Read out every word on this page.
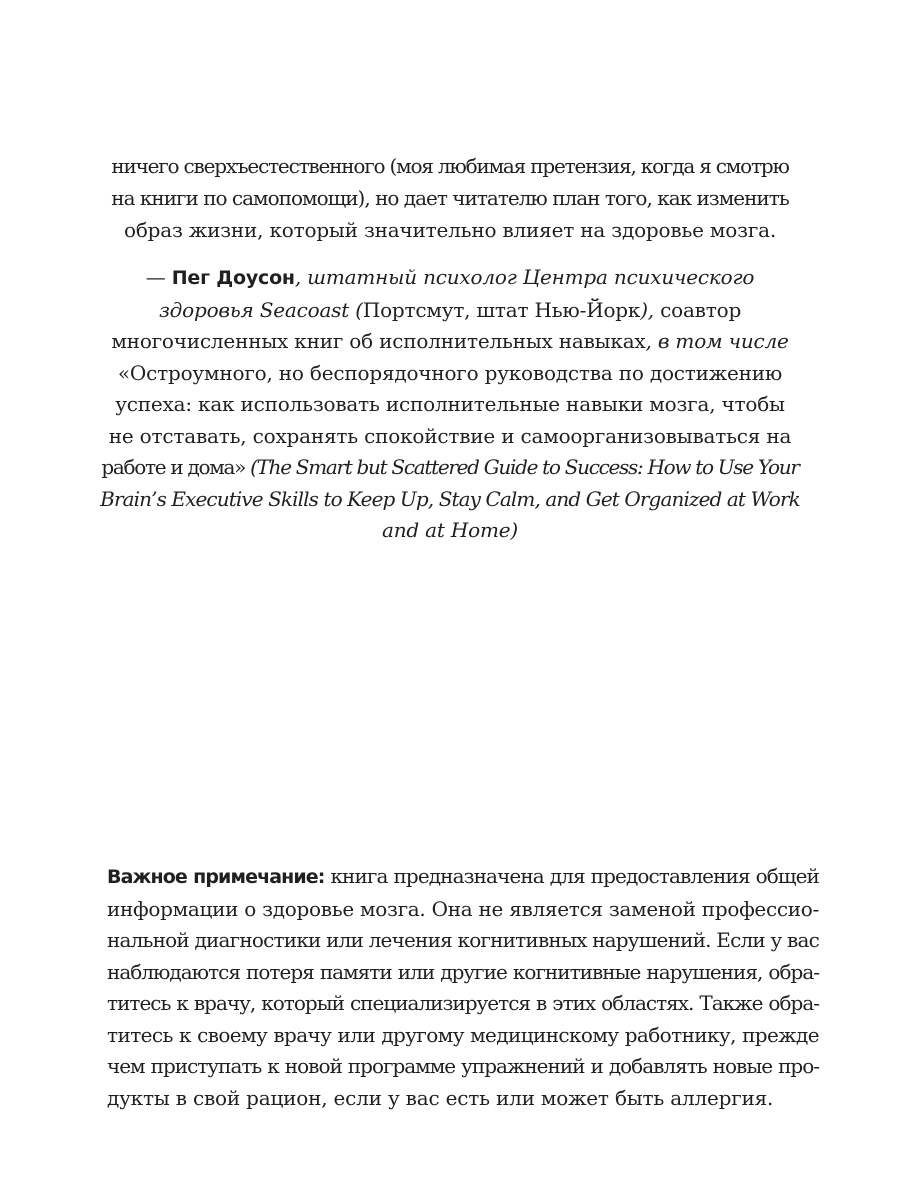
ничего сверхъестественного (моя любимая претензия, когда я смотрю
на книги по самопомощи), но дает читателю план того, как изменить
образ жизни, который значительно влияет на здоровье мозга.
— Пег Доусон, штатный психолог Центра психического
здоровья Seacoast (Портсмут, штат Нью-Йорк), соавтор
многочисленных книг об исполнительных навыках, в том числе
«Остроумного, но беспорядочного руководства по достижению
успеха: как использовать исполнительные навыки мозга, чтобы
не отставать, сохранять спокойствие и самоорганизовываться на
работе и дома» (The Smart but Scattered Guide to Success: How to Use Your
Brain’s Executive Skills to Keep Up, Stay Calm, and Get Organized at Work
and at Home)
Важное примечание: книга предназначена для предоставления общей
информации о здоровье мозга. Она не является заменой профессио-
нальной диагностики или лечения когнитивных нарушений. Если у вас
наблюдаются потеря памяти или другие когнитивные нарушения, обра-
титесь к врачу, который специализируется в этих областях. Также обра-
титесь к своему врачу или другому медицинскому работнику, прежде
чем приступать к новой программе упражнений и добавлять новые про-
дукты в свой рацион, если у вас есть или может быть аллергия.
